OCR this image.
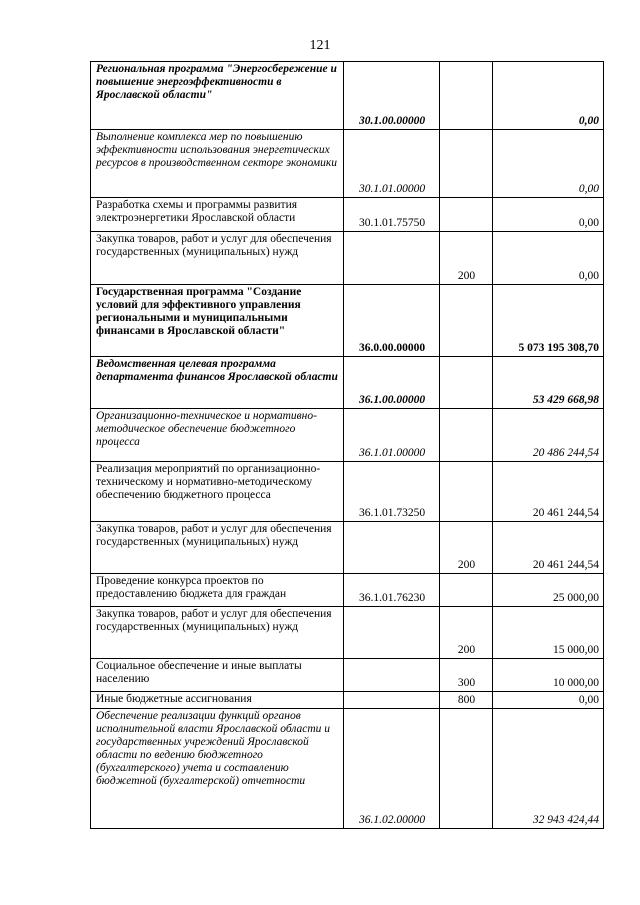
121
Региональная программа "Энергосбережение и повышение энергоэффективности в Ярославской области"	30.1.00.00000		0,00
Выполнение комплекса мер по повышению эффективности использования энергетических ресурсов в производственном секторе экономики	30.1.01.00000		0,00
Разработка схемы и программы развития электроэнергетики Ярославской области	30.1.01.75750		0,00
Закупка товаров, работ и услуг для обеспечения государственных (муниципальных) нужд		200	0,00
Государственная программа "Создание условий для эффективного управления региональными и муниципальными финансами в Ярославской области"	36.0.00.00000		5 073 195 308,70
Ведомственная целевая программа департамента финансов Ярославской области	36.1.00.00000		53 429 668,98
Организационно-техническое и нормативно-методическое обеспечение бюджетного процесса	36.1.01.00000		20 486 244,54
Реализация мероприятий по организационно-техническому и нормативно-методическому обеспечению бюджетного процесса	36.1.01.73250		20 461 244,54
Закупка товаров, работ и услуг для обеспечения государственных (муниципальных) нужд		200	20 461 244,54
Проведение конкурса проектов по предоставлению бюджета для граждан	36.1.01.76230		25 000,00
Закупка товаров, работ и услуг для обеспечения государственных (муниципальных) нужд		200	15 000,00
Социальное обеспечение и иные выплаты населению		300	10 000,00
Иные бюджетные ассигнования		800	0,00
Обеспечение реализации функций органов исполнительной власти Ярославской области и государственных учреждений Ярославской области по ведению бюджетного (бухгалтерского) учета и составлению бюджетной (бухгалтерской) отчетности	36.1.02.00000		32 943 424,44
